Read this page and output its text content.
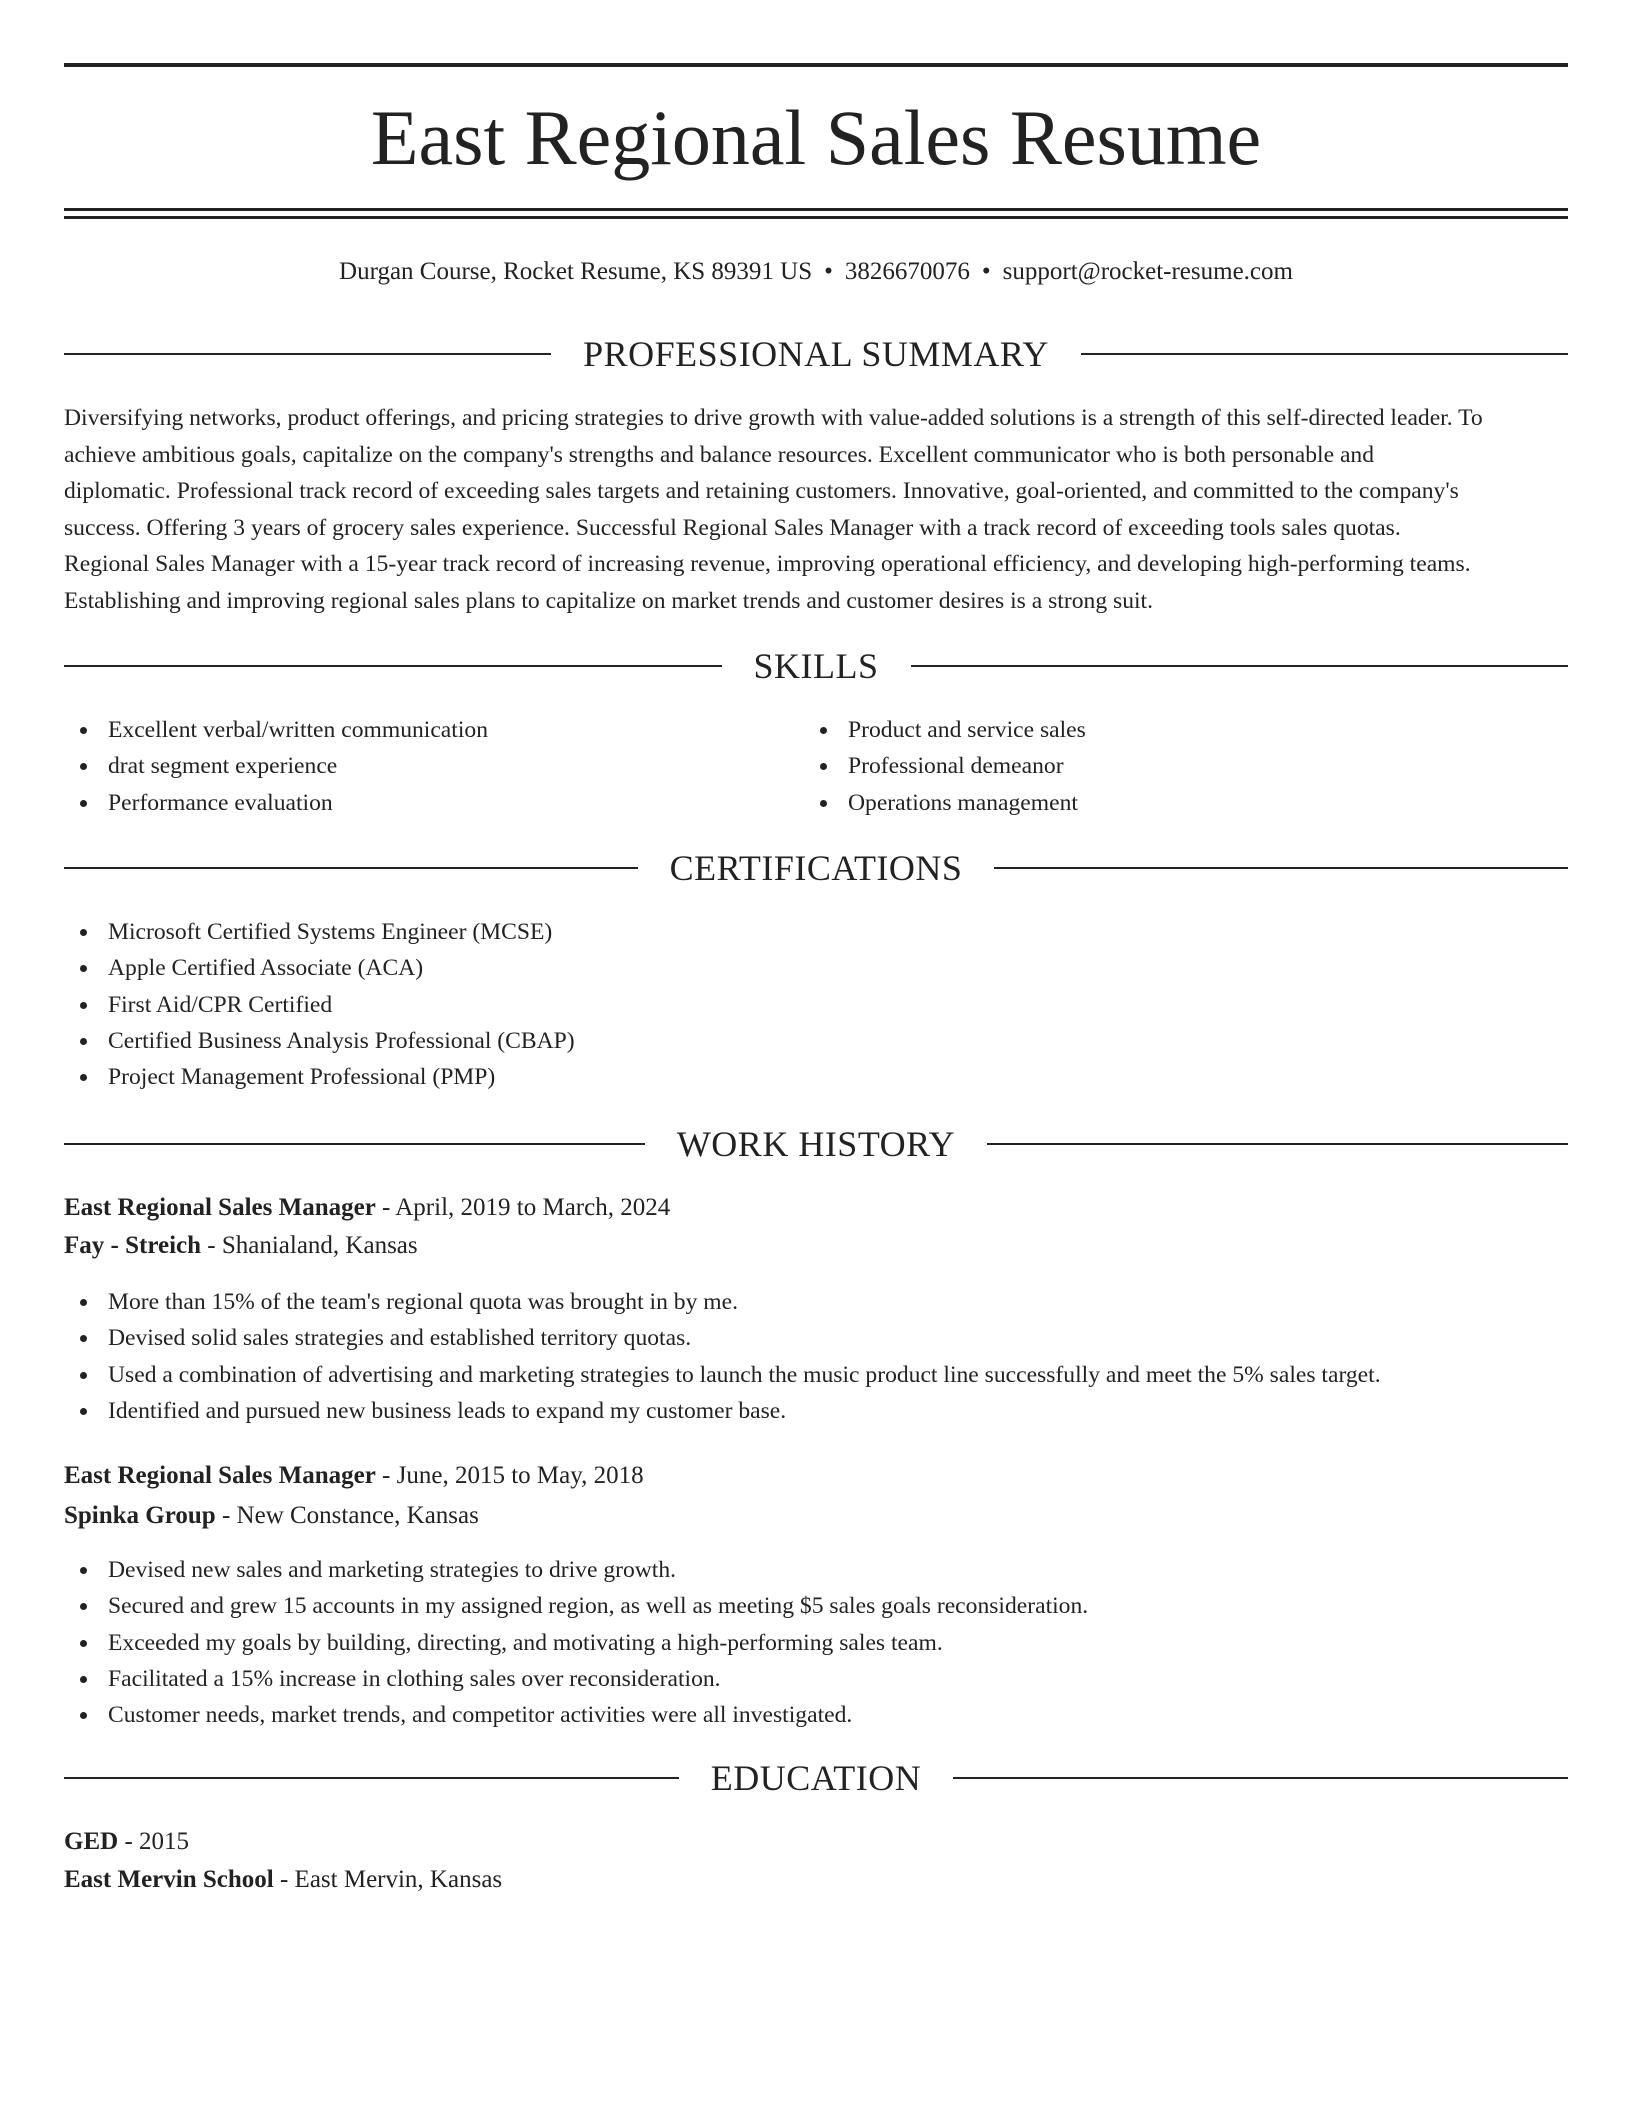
East Regional Sales Resume
Durgan Course, Rocket Resume, KS 89391 US • 3826670076 • support@rocket-resume.com
PROFESSIONAL SUMMARY
Diversifying networks, product offerings, and pricing strategies to drive growth with value-added solutions is a strength of this self-directed leader. To
achieve ambitious goals, capitalize on the company's strengths and balance resources. Excellent communicator who is both personable and
diplomatic. Professional track record of exceeding sales targets and retaining customers. Innovative, goal-oriented, and committed to the company's
success. Offering 3 years of grocery sales experience. Successful Regional Sales Manager with a track record of exceeding tools sales quotas.
Regional Sales Manager with a 15-year track record of increasing revenue, improving operational efficiency, and developing high-performing teams.
Establishing and improving regional sales plans to capitalize on market trends and customer desires is a strong suit.
SKILLS
Excellent verbal/written communication
drat segment experience
Performance evaluation
Product and service sales
Professional demeanor
Operations management
CERTIFICATIONS
Microsoft Certified Systems Engineer (MCSE)
Apple Certified Associate (ACA)
First Aid/CPR Certified
Certified Business Analysis Professional (CBAP)
Project Management Professional (PMP)
WORK HISTORY
East Regional Sales Manager - April, 2019 to March, 2024
Fay - Streich - Shanialand, Kansas
More than 15% of the team's regional quota was brought in by me.
Devised solid sales strategies and established territory quotas.
Used a combination of advertising and marketing strategies to launch the music product line successfully and meet the 5% sales target.
Identified and pursued new business leads to expand my customer base.
East Regional Sales Manager - June, 2015 to May, 2018
Spinka Group - New Constance, Kansas
Devised new sales and marketing strategies to drive growth.
Secured and grew 15 accounts in my assigned region, as well as meeting $5 sales goals reconsideration.
Exceeded my goals by building, directing, and motivating a high-performing sales team.
Facilitated a 15% increase in clothing sales over reconsideration.
Customer needs, market trends, and competitor activities were all investigated.
EDUCATION
GED - 2015
East Mervin School - East Mervin, Kansas
